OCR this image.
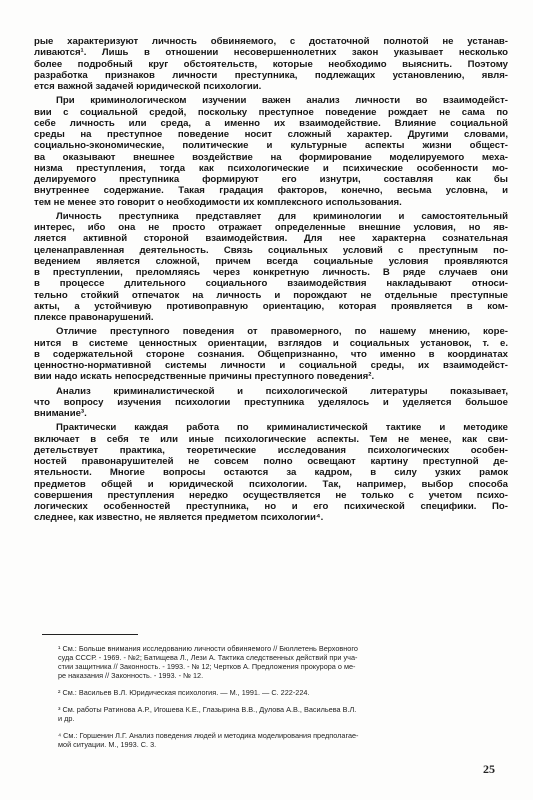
рые характеризуют личность обвиняемого, с достаточной полнотой не устанав-
ливаются¹. Лишь в отношении несовершеннолетних закон указывает несколько
более подробный круг обстоятельств, которые необходимо выяснить. Поэтому
разработка признаков личности преступника, подлежащих установлению, явля-
ется важной задачей юридической психологии.

При криминологическом изучении важен анализ личности во взаимодейст-
вии с социальной средой, поскольку преступное поведение рождает не сама по
себе личность или среда, а именно их взаимодействие. Влияние социальной
среды на преступное поведение носит сложный характер. Другими словами,
социально-экономические, политические и культурные аспекты жизни общест-
ва оказывают внешнее воздействие на формирование моделируемого меха-
низма преступления, тогда как психологические и психические особенности мо-
делируемого преступника формируют его изнутри, составляя как бы
внутреннее содержание. Такая градация факторов, конечно, весьма условна, и
тем не менее это говорит о необходимости их комплексного использования.

Личность преступника представляет для криминологии и самостоятельный
интерес, ибо она не просто отражает определенные внешние условия, но яв-
ляется активной стороной взаимодействия. Для нее характерна сознательная
целенаправленная деятельность. Связь социальных условий с преступным по-
ведением является сложной, причем всегда социальные условия проявляются
в преступлении, преломляясь через конкретную личность. В ряде случаев они
в процессе длительного социального взаимодействия накладывают относи-
тельно стойкий отпечаток на личность и порождают не отдельные преступные
акты, а устойчивую противоправную ориентацию, которая проявляется в ком-
плексе правонарушений.

Отличие преступного поведения от правомерного, по нашему мнению, коре-
нится в системе ценностных ориентации, взглядов и социальных установок, т. е.
в содержательной стороне сознания. Общепризнанно, что именно в координатах
ценностно-нормативной системы личности и социальной среды, их взаимодейст-
вии надо искать непосредственные причины преступного поведения².

Анализ криминалистической и психологической литературы показывает,
что вопросу изучения психологии преступника уделялось и уделяется большое
внимание³.

Практически каждая работа по криминалистической тактике и методике
включает в себя те или иные психологические аспекты. Тем не менее, как сви-
детельствует практика, теоретические исследования психологических особен-
ностей правонарушителей не совсем полно освещают картину преступной де-
ятельности. Многие вопросы остаются за кадром, в силу узких рамок
предметов общей и юридической психологии. Так, например, выбор способа
совершения преступления нередко осуществляется не только с учетом психо-
логических особенностей преступника, но и его психической специфики. По-
следнее, как известно, не является предметом психологии⁴.

¹ См.: Больше внимания исследованию личности обвиняемого // Бюллетень Верховного
суда СССР. - 1969. - №2; Батищева Л., Лези А. Тактика следственных действий при уча-
стии защитника // Законность. - 1993. - № 12; Чертков А. Предложения прокурора о ме-
ре наказания // Законность. - 1993. - № 12.
² См.: Васильев В.Л. Юридическая психология. — М., 1991. — С. 222-224.
³ См. работы Ратинова А.Р., Игошева К.Е., Глазырина В.В., Дулова А.В., Васильева В.Л.
и др.
⁴ См.: Горшенин Л.Г. Анализ поведения людей и методика моделирования предполагае-
мой ситуации. М., 1993. С. 3.
25
